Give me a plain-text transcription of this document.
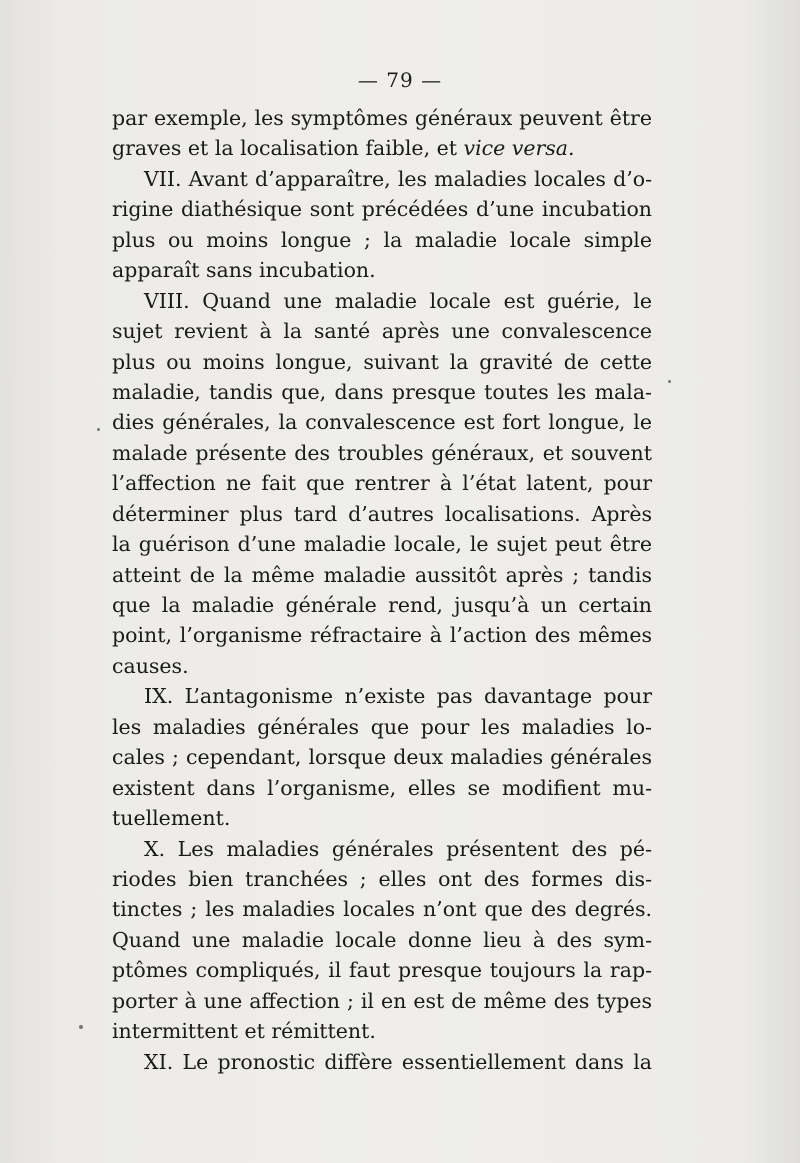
— 79 —
par exemple, les symptômes généraux peuvent être
graves et la localisation faible, et vice versa.
VII. Avant d’apparaître, les maladies locales d’o-
rigine diathésique sont précédées d’une incubation
plus ou moins longue ; la maladie locale simple
apparaît sans incubation.
VIII. Quand une maladie locale est guérie, le
sujet revient à la santé après une convalescence
plus ou moins longue, suivant la gravité de cette
maladie, tandis que, dans presque toutes les mala-
dies générales, la convalescence est fort longue, le
malade présente des troubles généraux, et souvent
l’affection ne fait que rentrer à l’état latent, pour
déterminer plus tard d’autres localisations. Après
la guérison d’une maladie locale, le sujet peut être
atteint de la même maladie aussitôt après ; tandis
que la maladie générale rend, jusqu’à un certain
point, l’organisme réfractaire à l’action des mêmes
causes.
IX. L’antagonisme n’existe pas davantage pour
les maladies générales que pour les maladies lo-
cales ; cependant, lorsque deux maladies générales
existent dans l’organisme, elles se modifient mu-
tuellement.
X. Les maladies générales présentent des pé-
riodes bien tranchées ; elles ont des formes dis-
tinctes ; les maladies locales n’ont que des degrés.
Quand une maladie locale donne lieu à des sym-
ptômes compliqués, il faut presque toujours la rap-
porter à une affection ; il en est de même des types
intermittent et rémittent.
XI. Le pronostic diffère essentiellement dans la
